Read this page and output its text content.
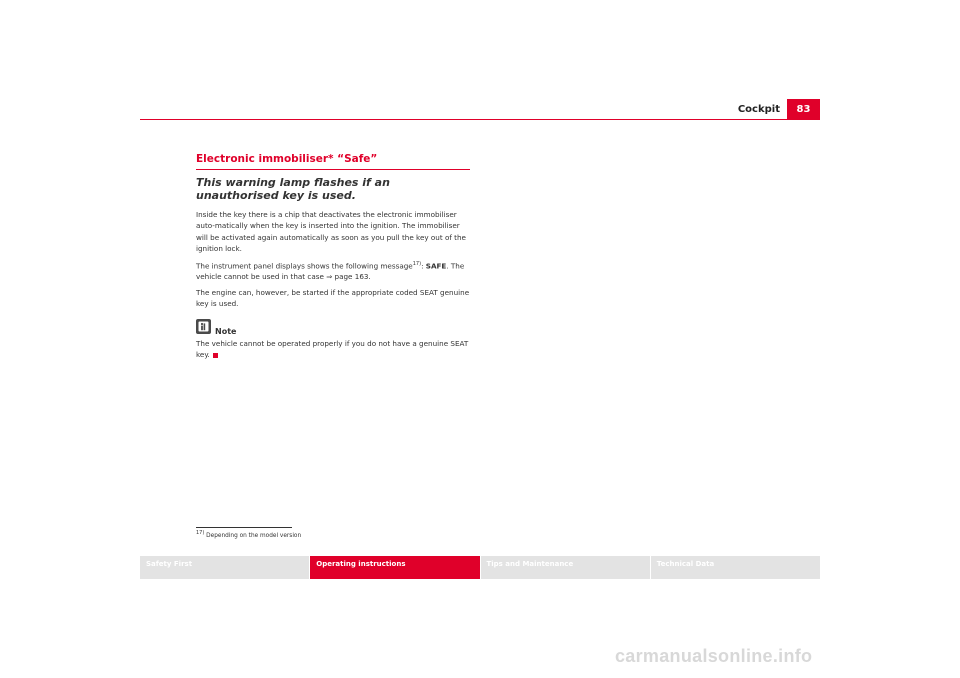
Cockpit	83
Electronic immobiliser* “Safe”
This warning lamp flashes if an unauthorised key is used.

Inside the key there is a chip that deactivates the electronic immobiliser auto-matically when the key is inserted into the ignition. The immobiliser will be activated again automatically as soon as you pull the key out of the ignition lock.

The instrument panel displays shows the following message$^{17)}$: SAFE. The vehicle cannot be used in that case ⇒ page 163.

The engine can, however, be started if the appropriate coded SEAT genuine key is used.

Note

The vehicle cannot be operated properly if you do not have a genuine SEAT key.

$^{17)}$ Depending on the model version
Safety First	Operating instructions	Tips and Maintenance	Technical Data
carmanualsonline.info
